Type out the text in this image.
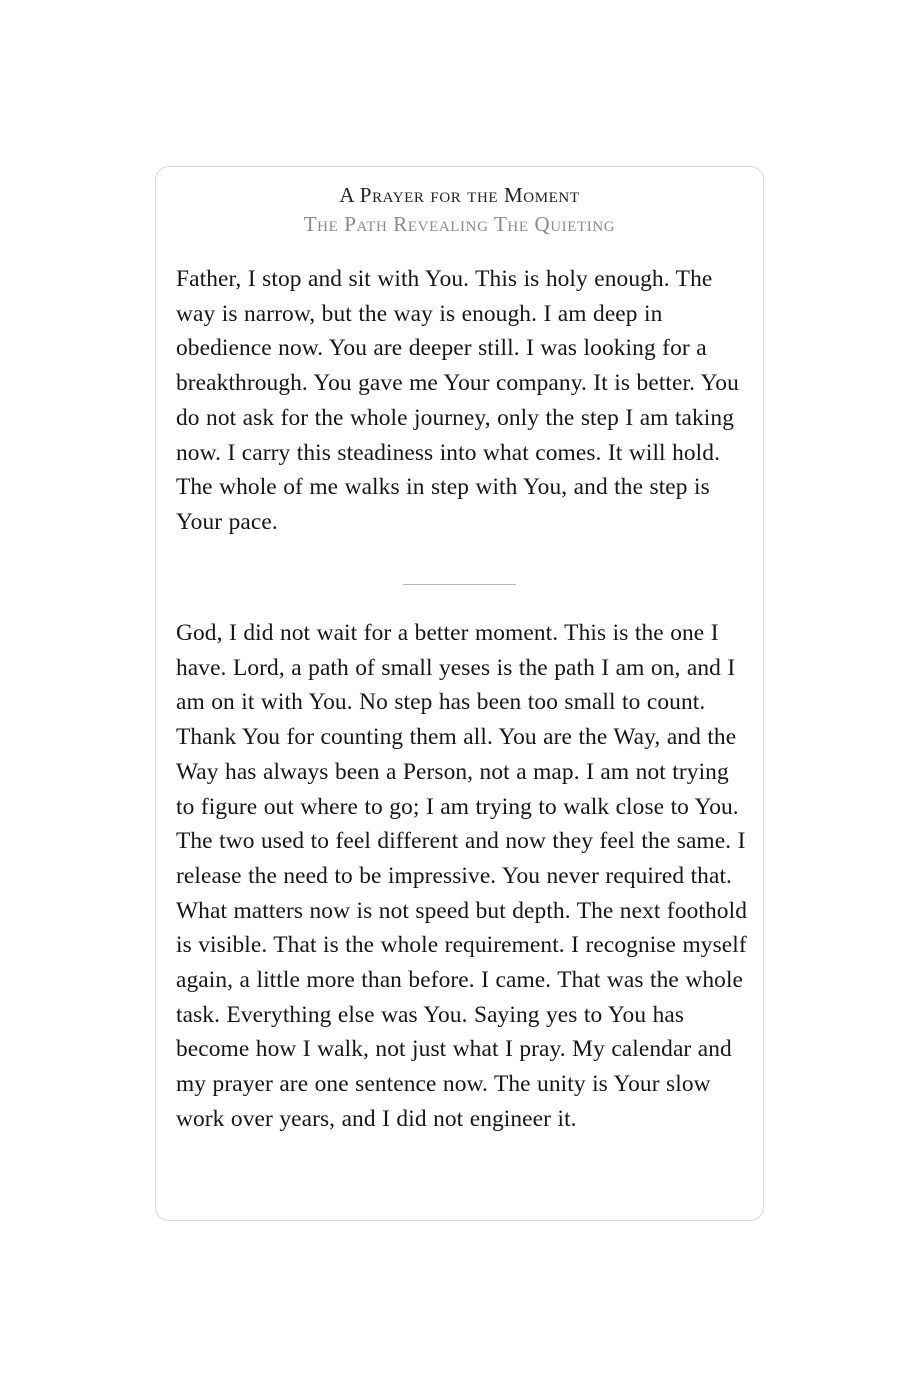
A Prayer for the Moment
The Path Revealing The Quieting

Father, I stop and sit with You. This is holy enough. The way is narrow, but the way is enough. I am deep in obedience now. You are deeper still. I was looking for a breakthrough. You gave me Your company. It is better. You do not ask for the whole journey, only the step I am taking now. I carry this steadiness into what comes. It will hold. The whole of me walks in step with You, and the step is Your pace.

God, I did not wait for a better moment. This is the one I have. Lord, a path of small yeses is the path I am on, and I am on it with You. No step has been too small to count. Thank You for counting them all. You are the Way, and the Way has always been a Person, not a map. I am not trying to figure out where to go; I am trying to walk close to You. The two used to feel different and now they feel the same. I release the need to be impressive. You never required that. What matters now is not speed but depth. The next foothold is visible. That is the whole requirement. I recognise myself again, a little more than before. I came. That was the whole task. Everything else was You. Saying yes to You has become how I walk, not just what I pray. My calendar and my prayer are one sentence now. The unity is Your slow work over years, and I did not engineer it.
